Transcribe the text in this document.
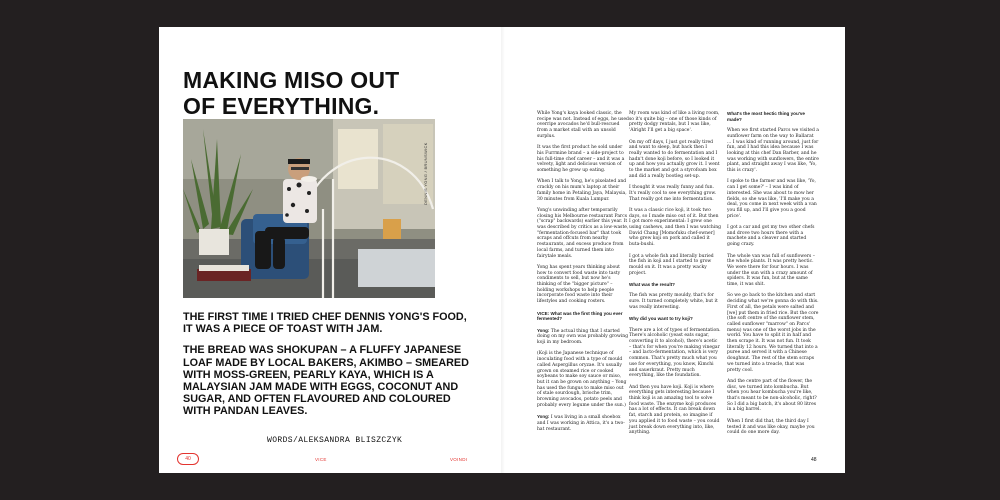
MAKING MISO OUT
OF EVERYTHING.
DENNIS YONG / BRUNSWICK

THE FIRST TIME I TRIED CHEF DENNIS YONG'S FOOD, IT WAS A PIECE OF TOAST WITH JAM.

THE BREAD WAS SHOKUPAN – A FLUFFY JAPANESE LOAF MADE BY LOCAL BAKERS, AKIMBO – SMEARED WITH MOSS-GREEN, PEARLY KAYA, WHICH IS A MALAYSIAN JAM MADE WITH EGGS, COCONUT AND SUGAR, AND OFTEN FLAVOURED AND COLOURED WITH PANDAN LEAVES.

WORDS/ALEKSANDRA BLISZCZYK
40	VICE	VOINDI	48

While Yong's kaya looked classic, the recipe was not. Instead of eggs, he used overripe avocados he'd bull-rescued from a market stall with an unsold surplus.

It was the first product he sold under his Furrmine brand – a side-project to his full-time chef career – and it was a velvety, light and delicious version of something he grew up eating.

When I talk to Yong, he's pixelated and crackly on his mum's laptop at their family home in Petaling Jaya, Malaysia, 30 minutes from Kuala Lumpur.

Yong's unwinding after temporarily closing his Melbourne restaurant Parcs ("scrap" backwards) earlier this year. It was described by critics as a low-waste, "fermentation-focused bar" that took scraps and offcuts from nearby restaurants, and excess produce from local farms, and turned them into fairytale meals.

Yong has spent years thinking about how to convert food waste into tasty condiments to sell, but now he's thinking of the "bigger picture" – holding workshops to help people incorporate food waste into their lifestyles and cooking rosters.

VICE: What was the first thing you ever fermented?

Yong: The actual thing that I started doing on my own was probably growing koji in my bedroom.

(Koji is the Japanese technique of inoculating food with a type of mould called Aspergillus oryzae. It's usually grown on steamed rice or cooked soybeans to make soy sauce or miso, but it can be grown on anything – Yong has used the fungus to make miso out of stale sourdough, brioche trim, browning avocados, potato peels and probably every legume under the sun.)

Yong: I was living in a small shoebox and I was working in Attica, it's a two-hat restaurant.

My room was kind of like a living room, so it's quite big – one of those kinds of pretty dodgy rentals, but I was like, 'Alright I'll get a big space'.

On my off days, I just got really tired and want to sleep, but back then I really wanted to do fermentation and I hadn't done koji before, so I looked it up and how you actually grow it. I went to the market and got a styrofoam box and did a really bootleg set-up.

I thought it was really funny and fun. It's really cool to see everything grow. That really got me into fermentation.

It was a classic rice koji, it took two days, so I made miso out of it. But then I got more experimental: I grew one using cashews, and then I was watching David Chang [Momofuku chef-owner] who grew koji on pork and called it buta-bushi.

I got a whole fish and literally buried the fish in koji and I started to grow mould on it. It was a pretty wacky project.

What was the result?

The fish was pretty mouldy, that's for sure. It turned completely white, but it was really interesting.

Why did you want to try koji?

There are a lot of types of fermentation. There's alcoholic (yeast eats sugar, converting it to alcohol), there's acetic – that's for when you're making vinegar – and lacto-fermentation, which is very common. That's pretty much what you use for everything, you know, Kimchi and sauerkraut. Pretty much everything, like the foundation.

And then you have koji. Koji is where everything gets interesting because I think koji is an amazing tool to solve food waste. The enzyme koji produces has a lot of effects. It can break down fat, starch and protein, so imagine if you applied it to food waste – you could just break down everything into, like, anything.

What's the most hectic thing you've made?

When we first started Parcs we visited a sunflower farm on the way to Ballarat ... I was kind of running around, just for fun, and I had this idea because I was looking at this chef Dan Barber, and he was working with sunflowers, the entire plant, and straight away I was like, 'Yo, this is crazy'.

I spoke to the farmer and was like, 'Yo, can I get some?' – I was kind of interested. She was about to mow her fields, so she was like, 'I'll make you a deal, you come in next week with a van you fill up, and I'll give you a good price'.

I got a car and got my two other chefs and drove two hours there with a machete and a cleaver and started going crazy.

The whole van was full of sunflowers – the whole plants. It was pretty hectic. We were there for four hours. I was under the sun with a crazy amount of spiders. It was fun, but at the same time, it was shit.

So we go back to the kitchen and start deciding what we're gonna do with this. First of all, the petals were salted and [we] put them in fried rice. But the core (the soft centre of the sunflower stem, called sunflower "marrow" on Parcs' menu) was one of the worst jobs in the world. You have to split it in half and then scrape it. It was not fun. It took literally 12 hours. We turned that into a puree and served it with a Chinese doughnut. The rest of the stem scraps we turned into a treacle, that was pretty cool.

And the centre part of the flower, the disc, we turned into kombucha. But when you hear kombucha you're like, that's meant to be non-alcoholic, right? So I did a big batch, it's about 80 litres in a big barrel.

When I first did that, the third day I tested it and was like okay, maybe you could do one more day.
